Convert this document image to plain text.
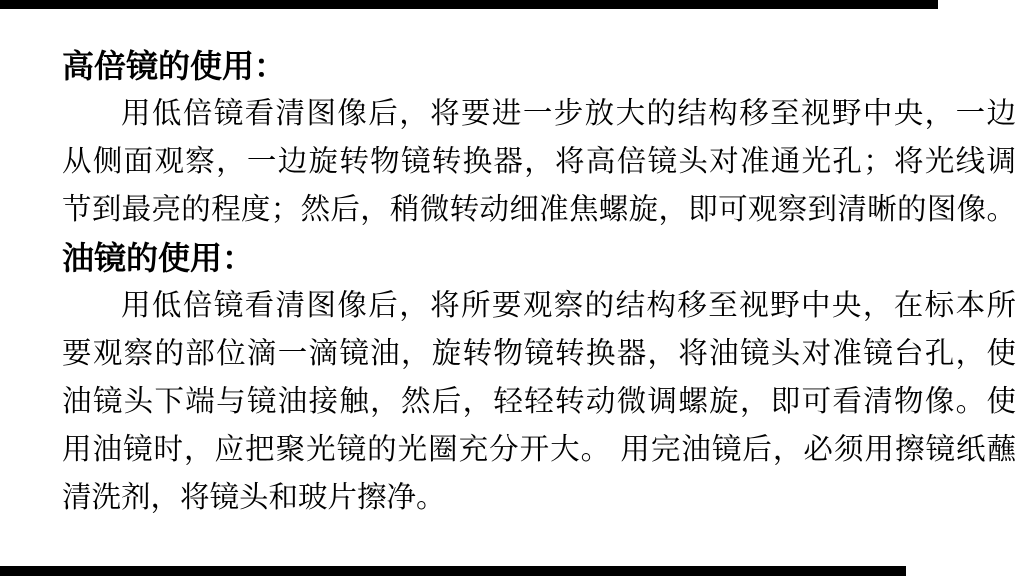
高倍镜的使用：
用低倍镜看清图像后，将要进一步放大的结构移至视野中央，一边
从侧面观察，一边旋转物镜转换器，将高倍镜头对准通光孔；将光线调
节到最亮的程度；然后，稍微转动细准焦螺旋，即可观察到清晰的图像。
油镜的使用：
用低倍镜看清图像后，将所要观察的结构移至视野中央，在标本所
要观察的部位滴一滴镜油，旋转物镜转换器，将油镜头对准镜台孔，使
油镜头下端与镜油接触，然后，轻轻转动微调螺旋，即可看清物像。使
用油镜时，应把聚光镜的光圈充分开大。 用完油镜后，必须用擦镜纸蘸
清洗剂，将镜头和玻片擦净。
